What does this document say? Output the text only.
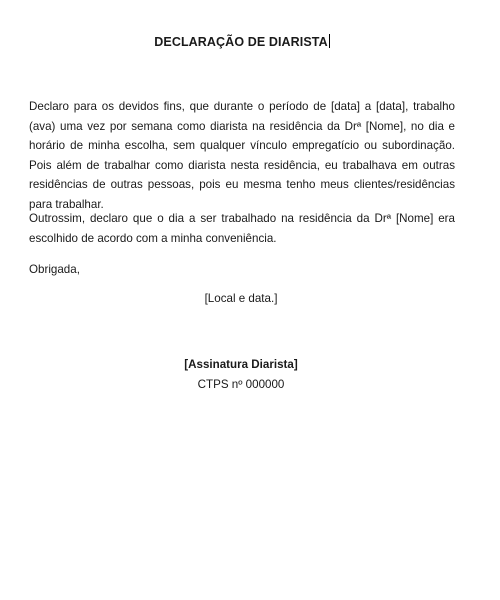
DECLARAÇÃO DE DIARISTA

Declaro para os devidos fins, que durante o período de [data] a [data], trabalho (ava) uma vez por semana como diarista na residência da Drª [Nome], no dia e horário de minha escolha, sem qualquer vínculo empregatício ou subordinação. Pois além de trabalhar como diarista nesta residência, eu trabalhava em outras residências de outras pessoas, pois eu mesma tenho meus clientes/residências para trabalhar.

Outrossim, declaro que o dia a ser trabalhado na residência da Drª [Nome] era escolhido de acordo com a minha conveniência.

Obrigada,

[Local e data.]
[Assinatura Diarista]
CTPS nº 000000
